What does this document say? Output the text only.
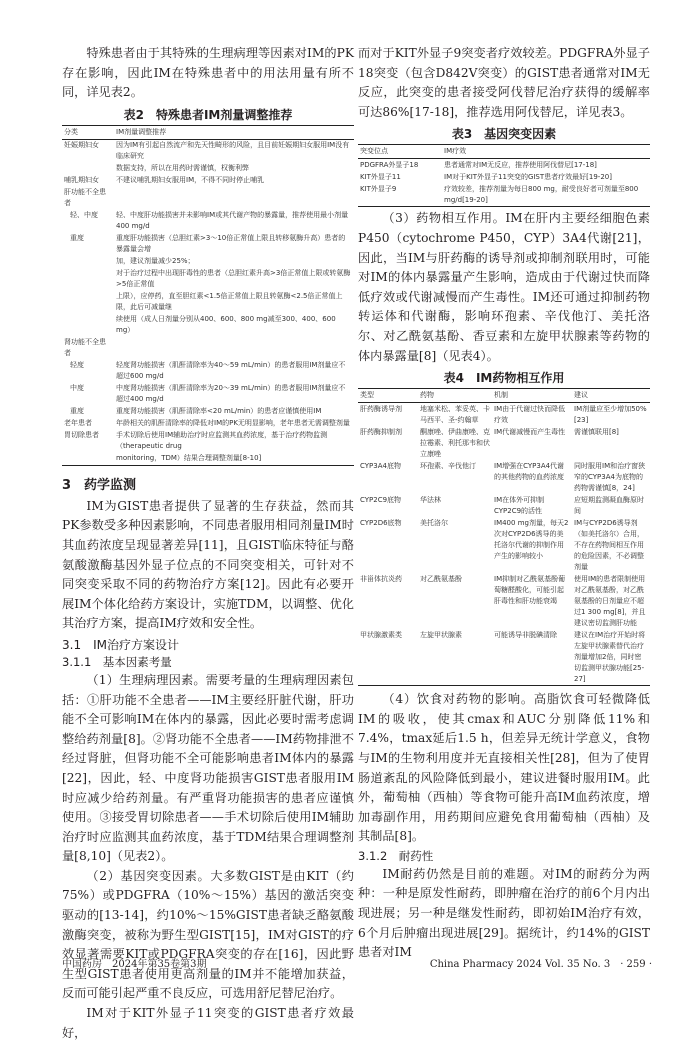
特殊患者由于其特殊的生理病理等因素对IM的PK存在影响，因此IM在特殊患者中的用法用量有所不同，详见表2。

表2　特殊患者IM剂量调整推荐
分类	IM剂量调整推荐
妊娠期妇女	因为IM有引起自然流产和先天性畸形的风险，且目前妊娠期妇女服用IM没有临床研究
	数据支持，所以在用药时需谨慎，权衡利弊
哺乳期妇女	不建议哺乳期妇女服用IM，不得不同时停止哺乳
肝功能不全患者	
轻、中度	轻、中度肝功能损害并未影响IM或其代谢产物的暴露量，推荐使用最小剂量400 mg/d
重度	重度肝功能损害（总胆红素>3～10倍正常值上限且转移氨酶升高）患者的暴露量会增
	加，建议剂量减少25%；
	对于治疗过程中出现肝毒性的患者（总胆红素升高>3倍正常值上限或转氨酶>5倍正常值
	上限），应停药，直至胆红素<1.5倍正常值上限且转氨酶<2.5倍正常值上限，此后可减量继
	续使用（成人日剂量分别从400、600、800 mg减至300、400、600 mg）
肾功能不全患者	
轻度	轻度肾功能损害（肌酐清除率为40～59 mL/min）的患者服用IM剂量应不超过600 mg/d
中度	中度肾功能损害（肌酐清除率为20～39 mL/min）的患者服用IM剂量应不超过400 mg/d
重度	重度肾功能损害（肌酐清除率<20 mL/min）的患者应谨慎使用IM
老年患者	年龄相关的肌酐清除率的降低对IM的PK无明显影响，老年患者无需调整剂量
胃切除患者	手术切除后使用IM辅助治疗时应监测其血药浓度，基于治疗药物监测（therapeutic drug
	monitoring，TDM）结果合理调整剂量[8-10]
3　药学监测

IM为GIST患者提供了显著的生存获益，然而其PK参数受多种因素影响，不同患者服用相同剂量IM时其血药浓度呈现显著差异[11]，且GIST临床特征与酪氨酸激酶基因外显子位点的不同突变相关，可针对不同突变采取不同的药物治疗方案[12]。因此有必要开展IM个体化给药方案设计，实施TDM，以调整、优化其治疗方案，提高IM疗效和安全性。

3.1　IM治疗方案设计
3.1.1　基本因素考量

（1）生理病理因素。需要考量的生理病理因素包括：①肝功能不全患者——IM主要经肝脏代谢，肝功能不全可影响IM在体内的暴露，因此必要时需考虑调整给药剂量[8]。②肾功能不全患者——IM药物排泄不经过肾脏，但肾功能不全可能影响患者IM体内的暴露[22]，因此，轻、中度肾功能损害GIST患者服用IM时应减少给药剂量。有严重肾功能损害的患者应谨慎使用。③接受胃切除患者——手术切除后使用IM辅助治疗时应监测其血药浓度，基于TDM结果合理调整剂量[8,10]（见表2）。

（2）基因突变因素。大多数GIST是由KIT（约75%）或PDGFRA（10%～15%）基因的激活突变驱动的[13-14]，约10%～15%GIST患者缺乏酪氨酸激酶突变，被称为野生型GIST[15]，IM对GIST的疗效显著需要KIT或PDGFRA突变的存在[16]，因此野生型GIST患者使用更高剂量的IM并不能增加获益，反而可能引起严重不良反应，可选用舒尼替尼治疗。

IM对于KIT外显子11突变的GIST患者疗效最好，

而对于KIT外显子9突变者疗效较差。PDGFRA外显子18突变（包含D842V突变）的GIST患者通常对IM无反应，此突变的患者接受阿伐替尼治疗获得的缓解率可达86%[17-18]，推荐选用阿伐替尼，详见表3。

表3　基因突变因素
突变位点	IM疗效
PDGFRA外显子18	患者通常对IM无反应，推荐使用阿伐替尼[17-18]
KIT外显子11	IM对于KIT外显子11突变的GIST患者疗效最好[19-20]
KIT外显子9	疗效较差，推荐剂量为每日800 mg，耐受良好者可剂量至800 mg/d[19-20]

（3）药物相互作用。IM在肝内主要经细胞色素P450（cytochrome P450，CYP）3A4代谢[21]，因此，当IM与肝药酶的诱导剂或抑制剂联用时，可能对IM的体内暴露量产生影响，造成由于代谢过快而降低疗效或代谢减慢而产生毒性。IM还可通过抑制药物转运体和代谢酶，影响环孢素、辛伐他汀、美托洛尔、对乙酰氨基酚、香豆素和左旋甲状腺素等药物的体内暴露量[8]（见表4）。

表4　IM药物相互作用
类型	药物	机制	建议
肝药酶诱导剂	地塞米松、苯妥英、卡马西平、圣-约翰草	IM由于代谢过快而降低疗效	IM剂量应至少增加50%[23]
肝药酶抑制剂	酮康唑、伊曲康唑、克拉霉素、利托那韦和伏立康唑	IM代谢减慢而产生毒性	需谨慎联用[8]
CYP3A4底物	环孢素、辛伐他汀	IM增强在CYP3A4代谢的其他药物的血药浓度	同时服用IM和治疗窗狭窄的CYP3A4为底物的药物需谨慎[8，24]
CYP2C9底物	华法林	IM在体外可抑制CYP2C9的活性	应短期监测凝血酶原时间
CYP2D6底物	美托洛尔	IM400 mg剂量，每天2次对CYP2D6诱导的美托洛尔代谢的抑制作用产生的影响较小	IM与CYP2D6诱导剂（如美托洛尔）合用，不存在药物间相互作用的危险因素，不必调整剂量
非甾体抗炎药	对乙酰氨基酚	IM抑制对乙酰氨基酚葡萄糖醛酸化，可能引起肝毒性和肝功能衰竭	使用IM的患者限制使用对乙酰氨基酚，对乙酰氨基酚的日剂量应不超过1 300 mg[8]，并且建议密切监测肝功能
甲状腺激素类	左旋甲状腺素	可能诱导非脱碘清除	建议在IM治疗开始时将左旋甲状腺素替代治疗剂量增加2倍，同时密切监测甲状腺功能[25-27]

（4）饮食对药物的影响。高脂饮食可轻微降低IM的吸收，使其cmax和AUC分别降低11%和7.4%，tmax延后1.5 h，但差异无统计学意义，食物与IM的生物利用度并无直接相关性[28]，但为了使胃肠道紊乱的风险降低到最小，建议进餐时服用IM。此外，葡萄柚（西柚）等食物可能升高IM血药浓度，增加毒副作用，用药期间应避免食用葡萄柚（西柚）及其制品[8]。

3.1.2　耐药性

IM耐药仍然是目前的难题。对IM的耐药分为两种：一种是原发性耐药，即肿瘤在治疗的前6个月内出现进展；另一种是继发性耐药，即初始IM治疗有效，6个月后肿瘤出现进展[29]。据统计，约14%的GIST患者对IM

中国药房　2024年第35卷第3期	China Pharmacy 2024 Vol. 35 No. 3　· 259 ·
